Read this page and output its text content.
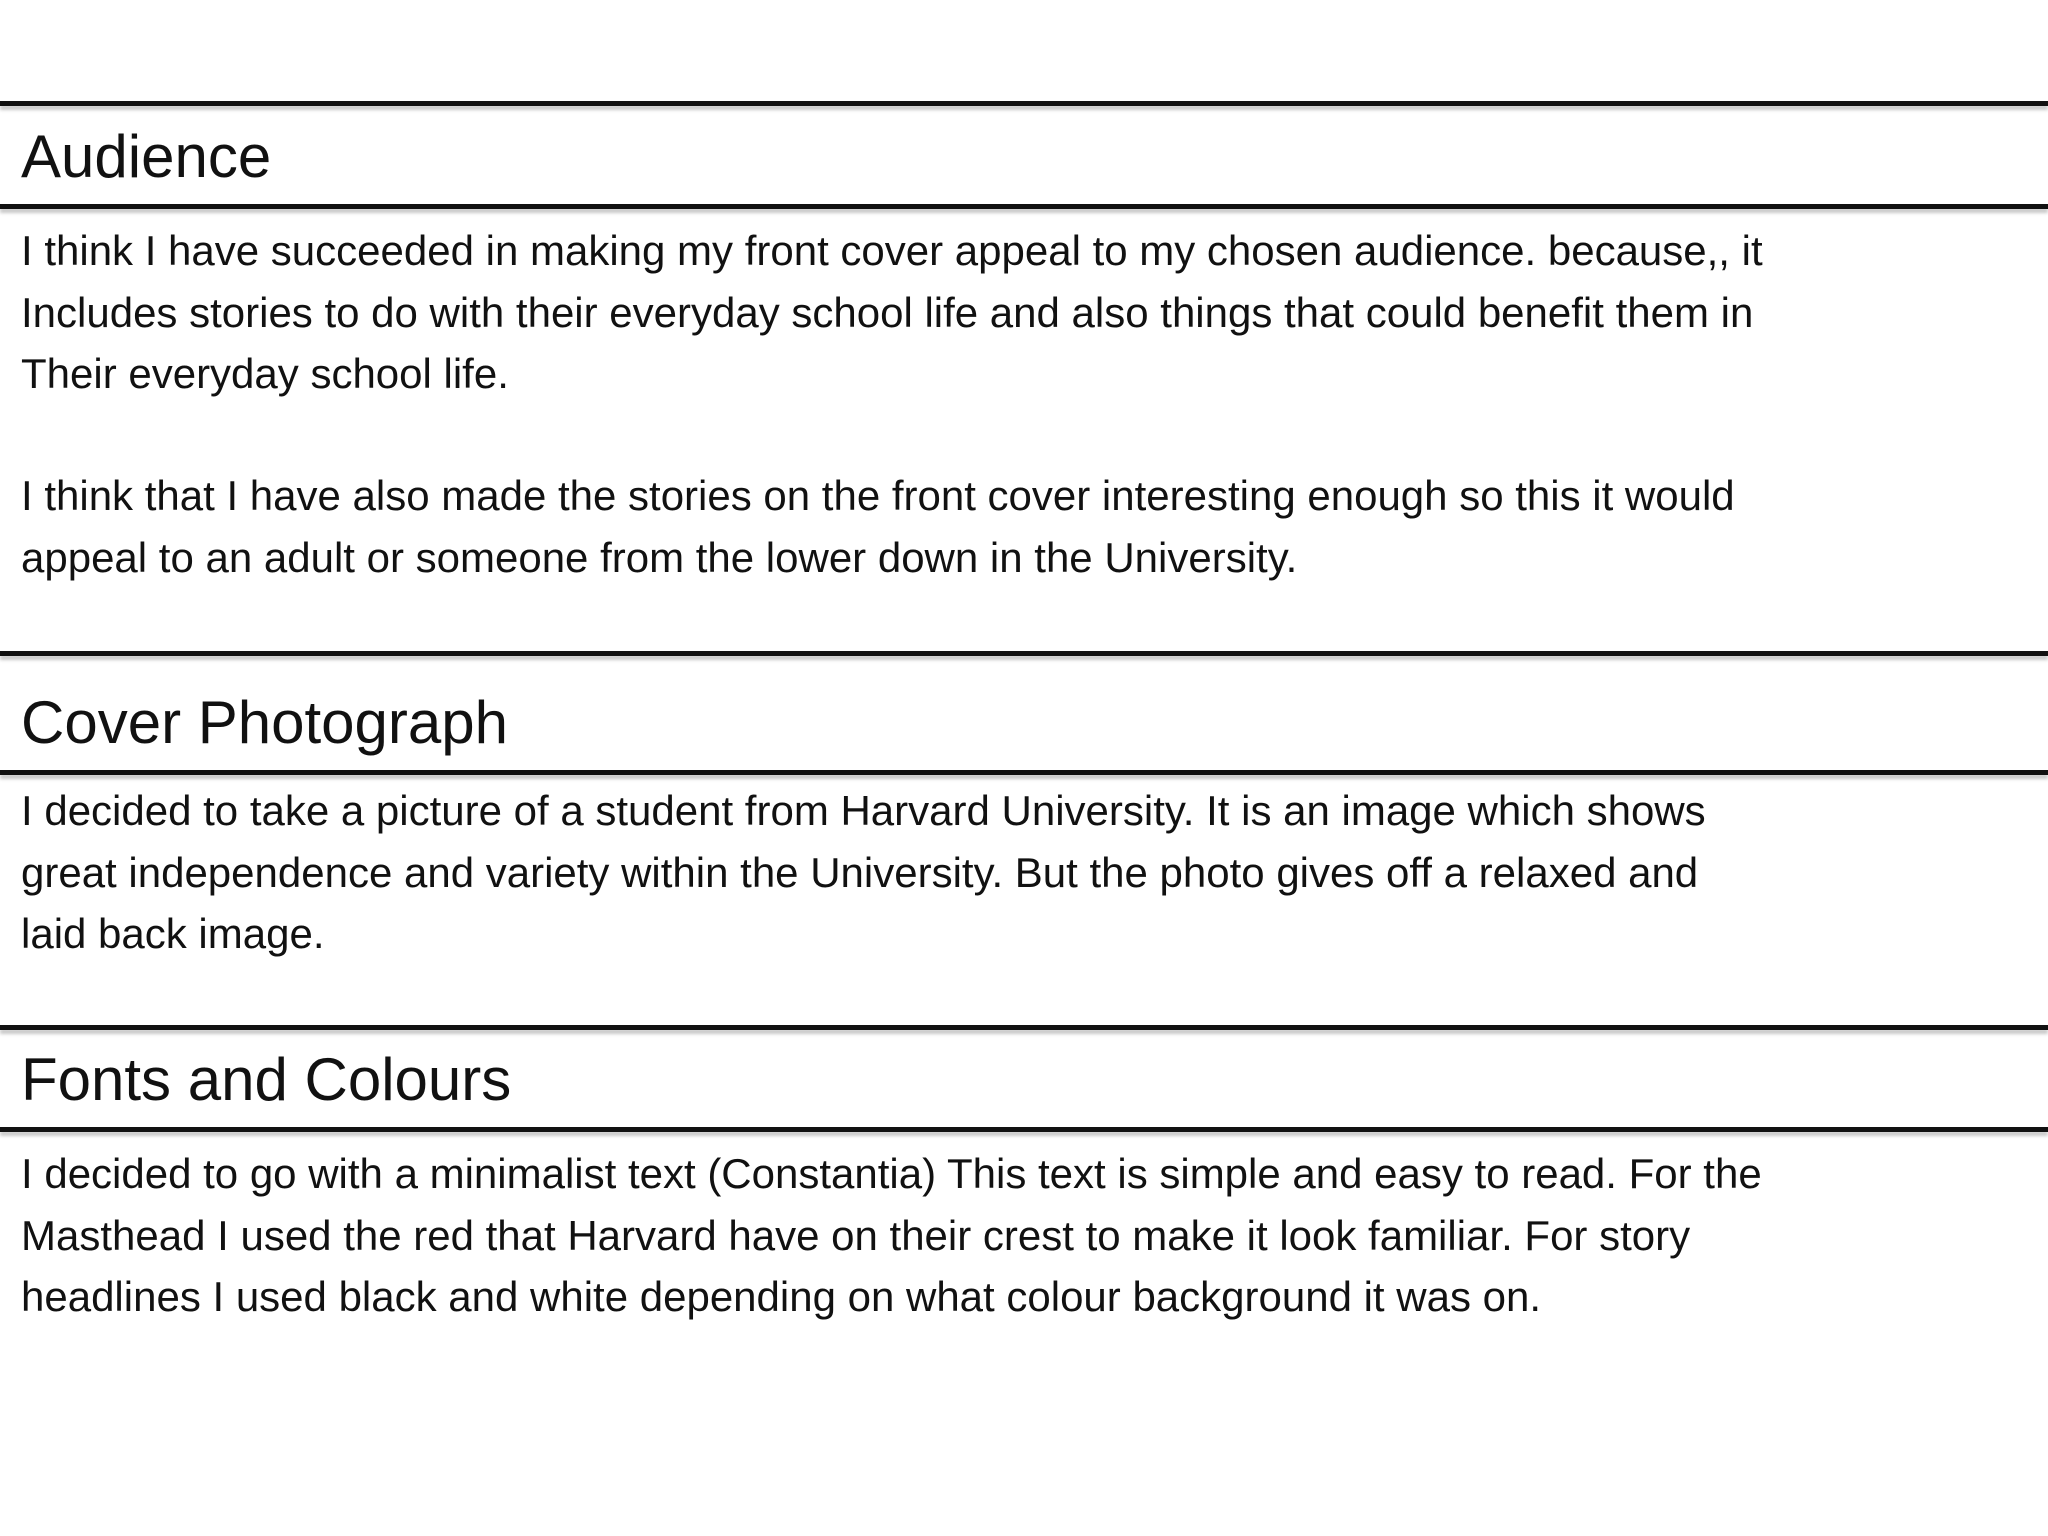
Audience

I think I have succeeded in making my front cover appeal to my chosen audience. because,, it
Includes stories to do with their everyday school life and also things that could benefit them in
Their everyday school life.

I think that I have also made the stories on the front cover interesting enough so this it would
appeal to an adult or someone from the lower down in the University.

Cover Photograph

I decided to take a picture of a student from Harvard University. It is an image which shows
great independence and variety within the University. But the photo gives off a relaxed and
laid back image.

Fonts and Colours

I decided to go with a minimalist text (Constantia) This text is simple and easy to read. For the
Masthead I used the red that Harvard have on their crest to make it look familiar. For story
headlines I used black and white depending on what colour background it was on.
